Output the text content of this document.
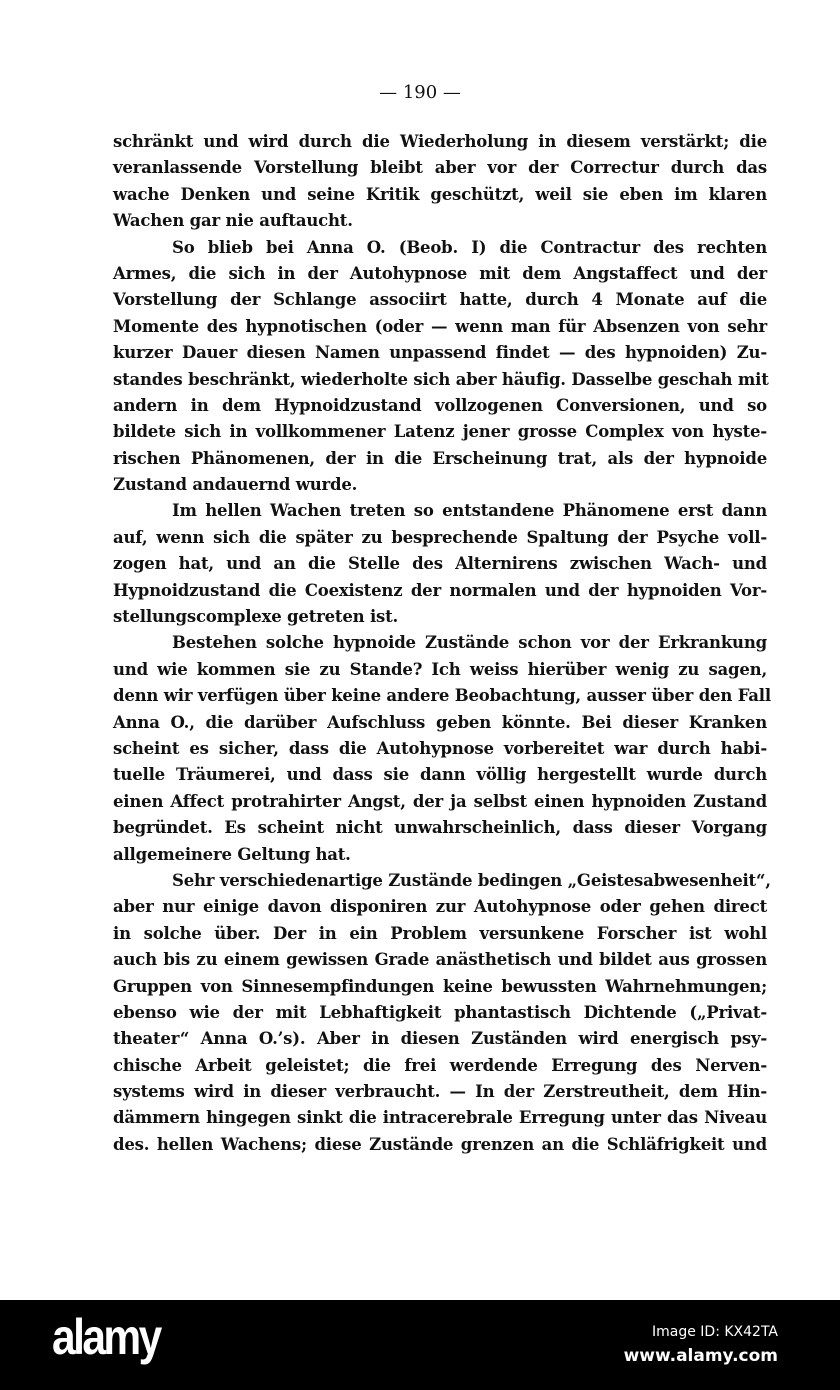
— 190 —
schränkt und wird durch die Wiederholung in diesem verstärkt; die
veranlassende Vorstellung bleibt aber vor der Correctur durch das
wache Denken und seine Kritik geschützt, weil sie eben im klaren
Wachen gar nie auftaucht.
So blieb bei Anna O. (Beob. I) die Contractur des rechten
Armes, die sich in der Autohypnose mit dem Angstaffect und der
Vorstellung der Schlange associirt hatte, durch 4 Monate auf die
Momente des hypnotischen (oder — wenn man für Absenzen von sehr
kurzer Dauer diesen Namen unpassend findet — des hypnoiden) Zu-
standes beschränkt, wiederholte sich aber häufig. Dasselbe geschah mit
andern in dem Hypnoidzustand vollzogenen Conversionen, und so
bildete sich in vollkommener Latenz jener grosse Complex von hyste-
rischen Phänomenen, der in die Erscheinung trat, als der hypnoide
Zustand andauernd wurde.
Im hellen Wachen treten so entstandene Phänomene erst dann
auf, wenn sich die später zu besprechende Spaltung der Psyche voll-
zogen hat, und an die Stelle des Alternirens zwischen Wach- und
Hypnoidzustand die Coexistenz der normalen und der hypnoiden Vor-
stellungscomplexe getreten ist.
Bestehen solche hypnoide Zustände schon vor der Erkrankung
und wie kommen sie zu Stande? Ich weiss hierüber wenig zu sagen,
denn wir verfügen über keine andere Beobachtung, ausser über den Fall
Anna O., die darüber Aufschluss geben könnte. Bei dieser Kranken
scheint es sicher, dass die Autohypnose vorbereitet war durch habi-
tuelle Träumerei, und dass sie dann völlig hergestellt wurde durch
einen Affect protrahirter Angst, der ja selbst einen hypnoiden Zustand
begründet. Es scheint nicht unwahrscheinlich, dass dieser Vorgang
allgemeinere Geltung hat.
Sehr verschiedenartige Zustände bedingen „Geistesabwesenheit“,
aber nur einige davon disponiren zur Autohypnose oder gehen direct
in solche über. Der in ein Problem versunkene Forscher ist wohl
auch bis zu einem gewissen Grade anästhetisch und bildet aus grossen
Gruppen von Sinnesempfindungen keine bewussten Wahrnehmungen;
ebenso wie der mit Lebhaftigkeit phantastisch Dichtende („Privat-
theater“ Anna O.’s). Aber in diesen Zuständen wird energisch psy-
chische Arbeit geleistet; die frei werdende Erregung des Nerven-
systems wird in dieser verbraucht. — In der Zerstreutheit, dem Hin-
dämmern hingegen sinkt die intracerebrale Erregung unter das Niveau
des. hellen Wachens; diese Zustände grenzen an die Schläfrigkeit und
alamy	Image ID: KX42TA
www.alamy.com
